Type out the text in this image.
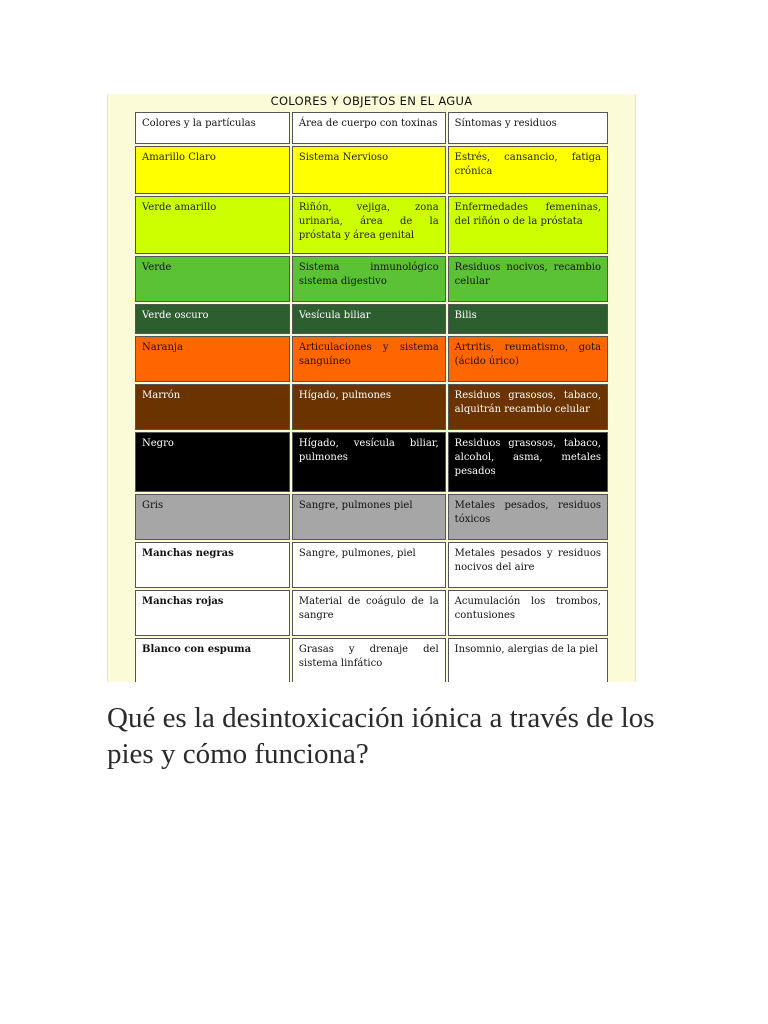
COLORES Y OBJETOS EN EL AGUA
Colores y la partículas	Área de cuerpo con toxinas	Síntomas y residuos
Amarillo Claro	Sistema Nervioso	Estrés, cansancio, fatiga crónica
Verde amarillo	Riñón, vejiga, zona urinaria, área de la próstata y área genital	Enfermedades femeninas, del riñón o de la próstata
Verde	Sistema inmunológico sistema digestivo	Residuos nocivos, recambio celular
Verde oscuro	Vesícula biliar	Bilis
Naranja	Articulaciones y sistema sanguíneo	Artritis, reumatismo, gota (ácido úrico)
Marrón	Hígado, pulmones	Residuos grasosos, tabaco, alquitrán recambio celular
Negro	Hígado, vesícula biliar, pulmones	Residuos grasosos, tabaco, alcohol, asma, metales pesados
Gris	Sangre, pulmones piel	Metales pesados, residuos tóxicos
Manchas negras	Sangre, pulmones, piel	Metales pesados y residuos nocivos del aire
Manchas rojas	Material de coágulo de la sangre	Acumulación los trombos, contusiones
Blanco con espuma	Grasas y drenaje del sistema linfático	Insomnio, alergias de la piel

Qué es la desintoxicación iónica a través de los pies y cómo funciona?
